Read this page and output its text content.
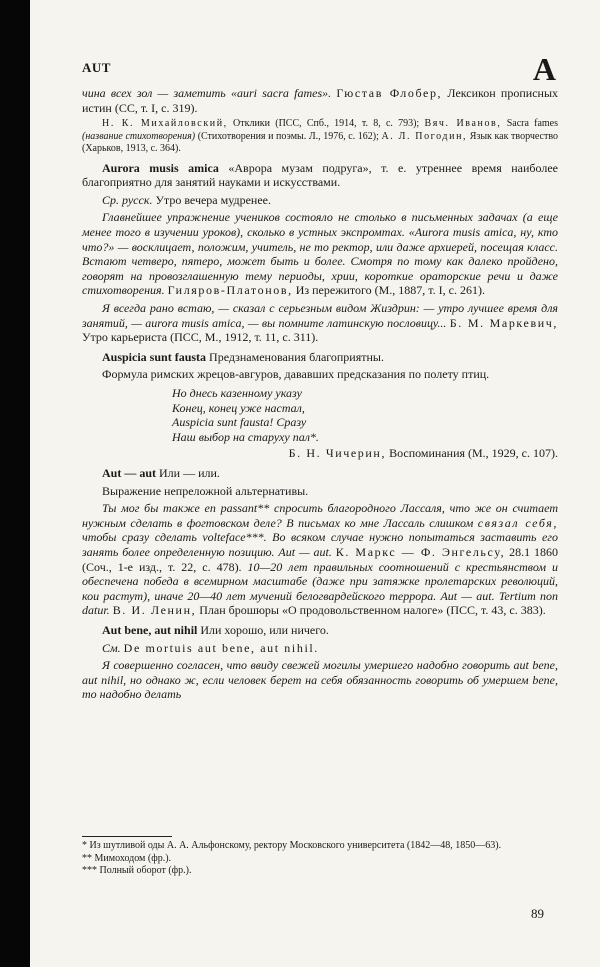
AUT	A

чина всех зол — заметить «auri sacra fames». Гюстав Флобер, Лексикон прописных истин (СС, т. I, с. 319).

Н. К. Михайловский, Отклики (ПСС, Спб., 1914, т. 8, с. 793); Вяч. Иванов, Sacra fames (название стихотворения) (Стихотворения и поэмы. Л., 1976, с. 162); А. Л. Погодин, Язык как творчество (Харьков, 1913, с. 364).

Aurora musis amica «Аврора музам подруга», т. е. утреннее время наиболее благоприятно для занятий науками и искусствами.

Ср. русск. Утро вечера мудренее.

Главнейшее упражнение учеников состояло не столько в письменных задачах (а еще менее того в изучении уроков), сколько в устных экспромтах. «Aurora musis amica, ну, кто что?» — восклицает, положим, учитель, не то ректор, или даже архиерей, посещая класс. Встают четверо, пятеро, может быть и более. Смотря по тому как далеко пройдено, говорят на провозглашенную тему периоды, хрии, короткие ораторские речи и даже стихотворения. Гиляров-Платонов, Из пережитого (М., 1887, т. I, с. 261).

Я всегда рано встаю, — сказал с серьезным видом Жиздрин: — утро лучшее время для занятий, — aurora musis amica, — вы помните латинскую пословицу... Б. М. Маркевич, Утро карьериста (ПСС, М., 1912, т. 11, с. 311).

Auspicia sunt fausta Предзнаменования благоприятны.

Формула римских жрецов-авгуров, дававших предсказания по полету птиц.

Но днесь казенному указу
Конец, конец уже настал,
Auspicia sunt fausta! Сразу
Наш выбор на старуху пал*.

Б. Н. Чичерин, Воспоминания (М., 1929, с. 107).

Aut — aut Или — или.

Выражение непреложной альтернативы.

Ты мог бы также en passant** спросить благородного Лассаля, что же он считает нужным сделать в фогтовском деле? В письмах ко мне Лассаль слишком связал себя, чтобы сразу сделать volteface***. Во всяком случае нужно попытаться заставить его занять более определенную позицию. Aut — aut. К. Маркс — Ф. Энгельсу, 28.1 1860 (Соч., 1-е изд., т. 22, с. 478). 10—20 лет правильных соотношений с крестьянством и обеспечена победа в всемирном масштабе (даже при затяжке пролетарских революций, кои растут), иначе 20—40 лет мучений белогвардейского террора. Aut — aut. Tertium non datur. В. И. Ленин, План брошюры «О продовольственном налоге» (ПСС, т. 43, с. 383).

Aut bene, aut nihil Или хорошо, или ничего.

См. De mortuis aut bene, aut nihil.

Я совершенно согласен, что ввиду свежей могилы умершего надобно говорить aut bene, aut nihil, но однако ж, если человек берет на себя обязанность говорить об умершем bene, то надобно делать

* Из шутливой оды А. А. Альфонскому, ректору Московского университета (1842—48, 1850—63).

** Мимоходом (фр.).

*** Полный оборот (фр.).

89
